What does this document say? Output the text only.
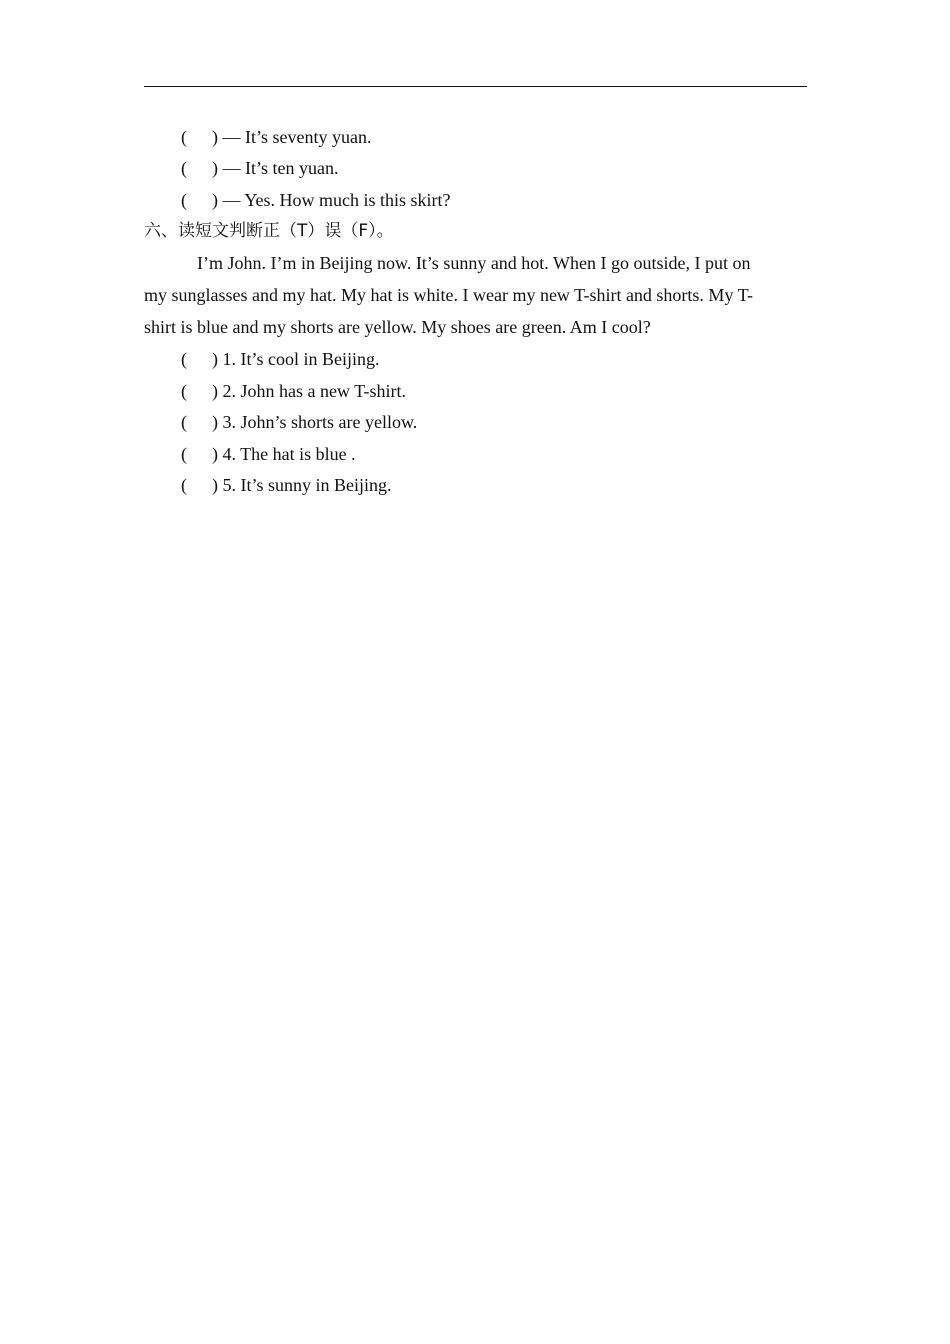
( ) — It’s seventy yuan.
( ) — It’s ten yuan.
( ) — Yes. How much is this skirt?
六、读短文判断正（T）误（F）。
I’m John. I’m in Beijing now. It’s sunny and hot. When I go outside, I put on
my sunglasses and my hat. My hat is white. I wear my new T-shirt and shorts. My T-
shirt is blue and my shorts are yellow. My shoes are green. Am I cool?
( ) 1. It’s cool in Beijing.
( ) 2. John has a new T-shirt.
( ) 3. John’s shorts are yellow.
( ) 4. The hat is blue .
( ) 5. It’s sunny in Beijing.
